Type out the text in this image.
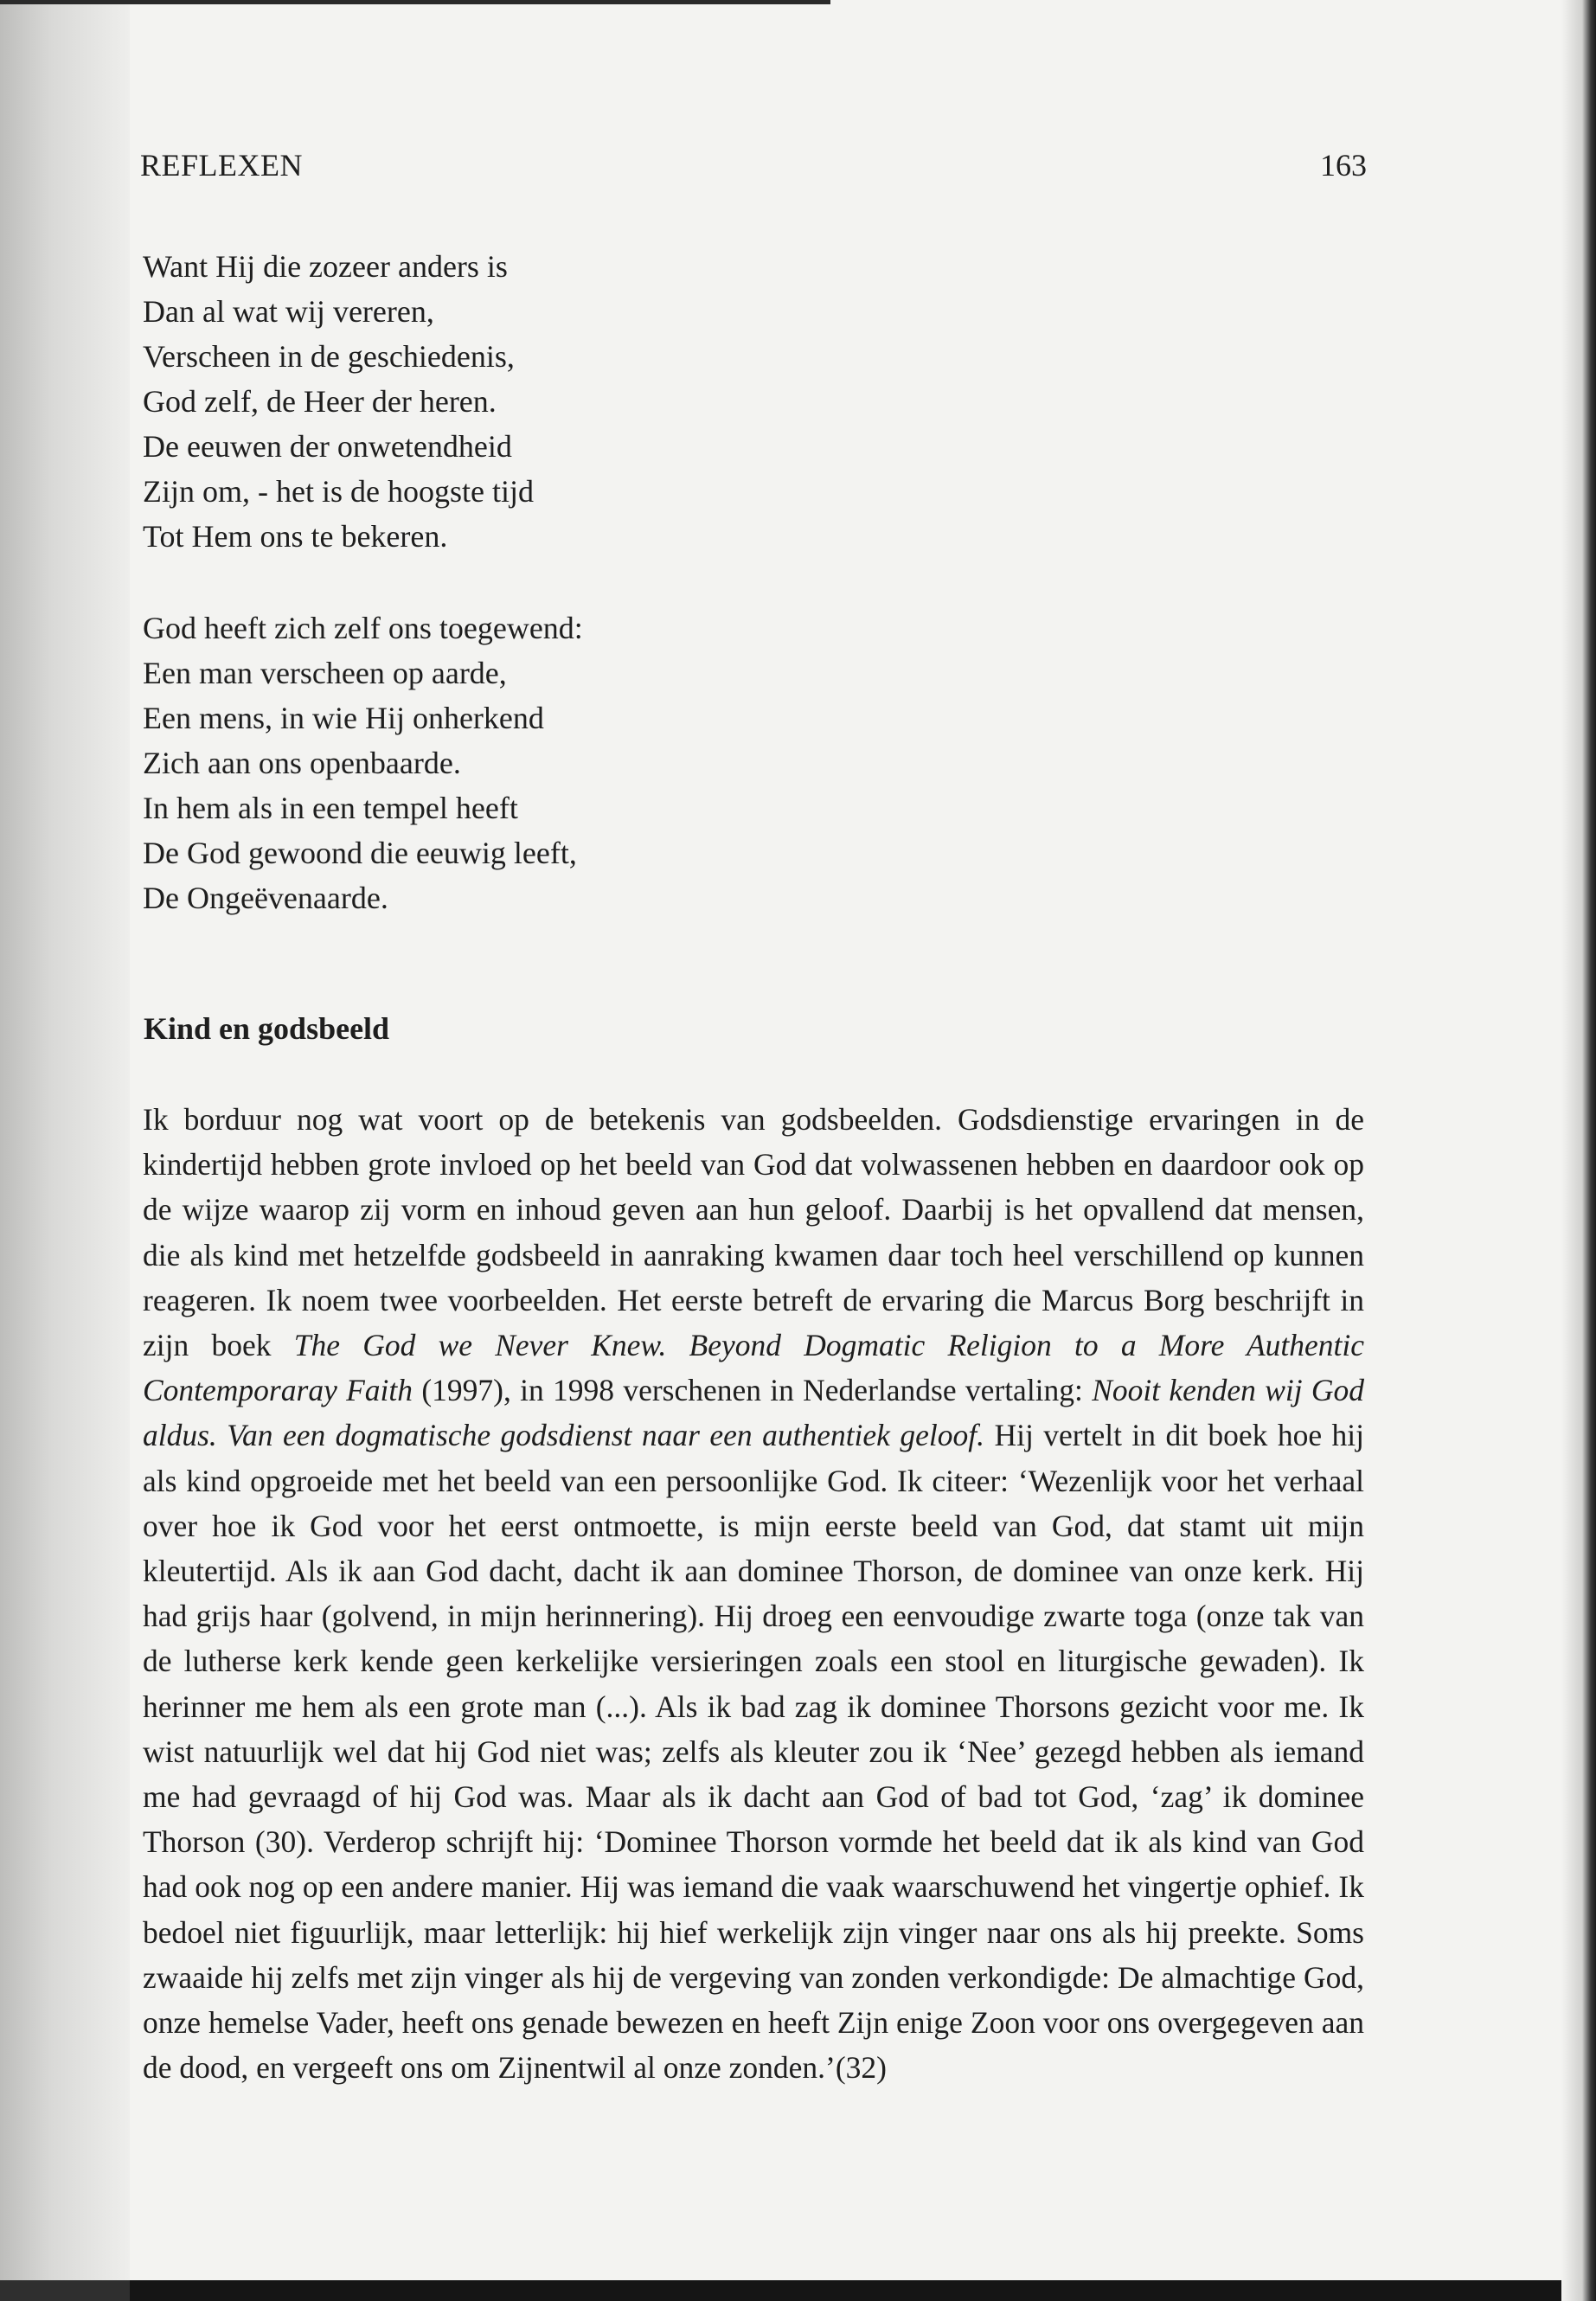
REFLEXEN	163
Want Hij die zozeer anders is
Dan al wat wij vereren,
Verscheen in de geschiedenis,
God zelf, de Heer der heren.
De eeuwen der onwetendheid
Zijn om, - het is de hoogste tijd
Tot Hem ons te bekeren.
God heeft zich zelf ons toegewend:
Een man verscheen op aarde,
Een mens, in wie Hij onherkend
Zich aan ons openbaarde.
In hem als in een tempel heeft
De God gewoond die eeuwig leeft,
De Ongeëvenaarde.
Kind en godsbeeld

Ik borduur nog wat voort op de betekenis van godsbeelden. Godsdienstige ervaringen in de kindertijd hebben grote invloed op het beeld van God dat volwassenen hebben en daardoor ook op de wijze waarop zij vorm en inhoud geven aan hun geloof. Daarbij is het opvallend dat mensen, die als kind met hetzelfde godsbeeld in aanraking kwamen daar toch heel verschillend op kunnen reageren. Ik noem twee voorbeelden. Het eerste betreft de ervaring die Marcus Borg beschrijft in zijn boek The God we Never Knew. Beyond Dogmatic Religion to a More Authentic Contemporaray Faith (1997), in 1998 verschenen in Nederlandse vertaling: Nooit kenden wij God aldus. Van een dogmatische godsdienst naar een authentiek geloof. Hij vertelt in dit boek hoe hij als kind opgroeide met het beeld van een persoonlijke God. Ik citeer: ‘Wezenlijk voor het verhaal over hoe ik God voor het eerst ontmoette, is mijn eerste beeld van God, dat stamt uit mijn kleutertijd. Als ik aan God dacht, dacht ik aan dominee Thorson, de dominee van onze kerk. Hij had grijs haar (golvend, in mijn herinnering). Hij droeg een eenvoudige zwarte toga (onze tak van de lutherse kerk kende geen kerkelijke versieringen zoals een stool en liturgische gewaden). Ik herinner me hem als een grote man (...). Als ik bad zag ik dominee Thorsons gezicht voor me. Ik wist natuurlijk wel dat hij God niet was; zelfs als kleuter zou ik ‘Nee’ gezegd hebben als iemand me had gevraagd of hij God was. Maar als ik dacht aan God of bad tot God, ‘zag’ ik dominee Thorson (30). Verderop schrijft hij: ‘Dominee Thorson vormde het beeld dat ik als kind van God had ook nog op een andere manier. Hij was iemand die vaak waarschuwend het vingertje ophief. Ik bedoel niet figuurlijk, maar letterlijk: hij hief werkelijk zijn vinger naar ons als hij preekte. Soms zwaaide hij zelfs met zijn vinger als hij de vergeving van zonden verkondigde: De almachtige God, onze hemelse Vader, heeft ons genade bewezen en heeft Zijn enige Zoon voor ons overgegeven aan de dood, en vergeeft ons om Zijnentwil al onze zonden.’(32)
